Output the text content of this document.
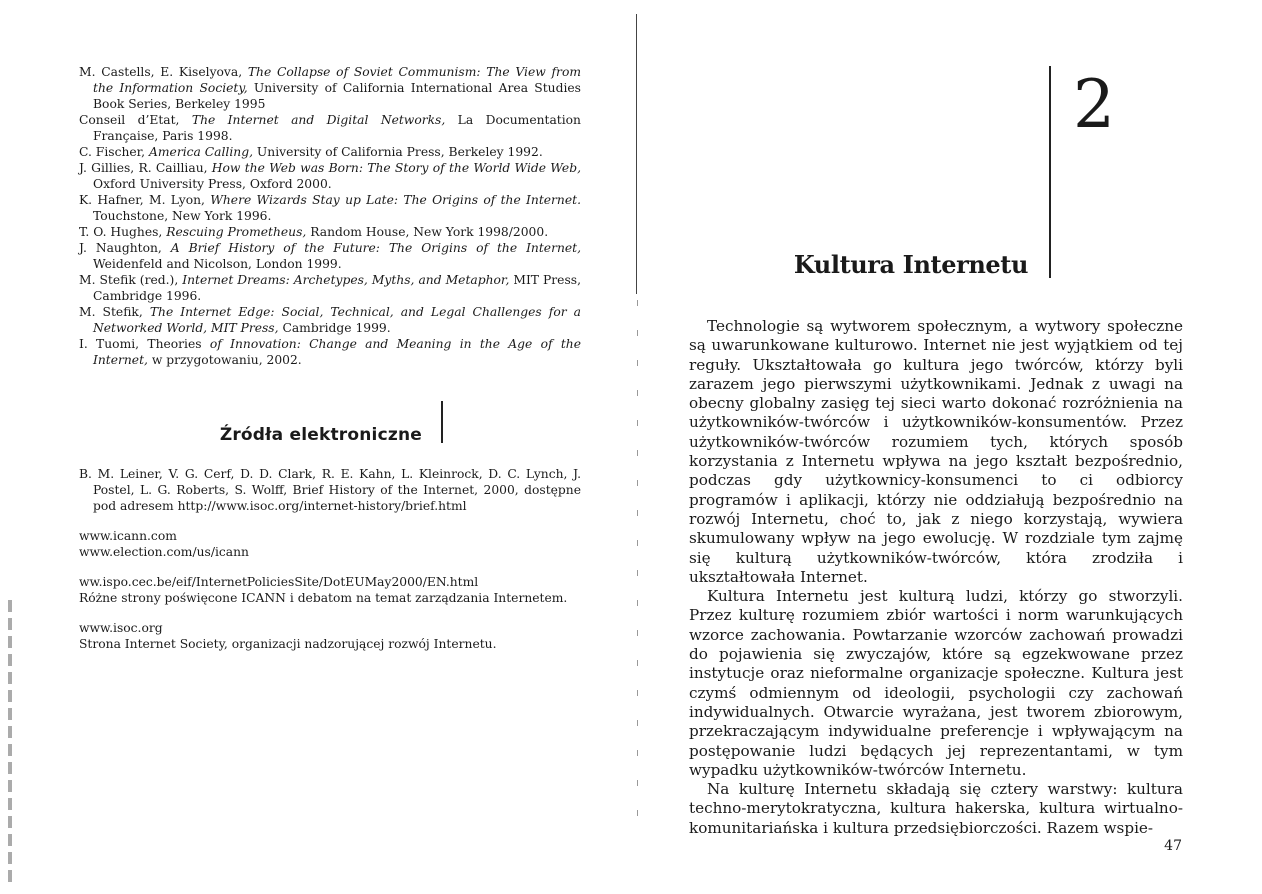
M. Castells, E. Kiselyova, The Collapse of Soviet Communism: The View from the Information Society, University of California International Area Studies Book Series, Berkeley 1995

Conseil d’Etat, The Internet and Digital Networks, La Documentation Française, Paris 1998.

C. Fischer, America Calling, University of California Press, Berkeley 1992.

J. Gillies, R. Cailliau, How the Web was Born: The Story of the World Wide Web, Oxford University Press, Oxford 2000.

K. Hafner, M. Lyon, Where Wizards Stay up Late: The Origins of the Internet. Touchstone, New York 1996.

T. O. Hughes, Rescuing Prometheus, Random House, New York 1998/2000.

J. Naughton, A Brief History of the Future: The Origins of the Internet, Weidenfeld and Nicolson, London 1999.

M. Stefik (red.), Internet Dreams: Archetypes, Myths, and Metaphor, MIT Press, Cambridge 1996.

M. Stefik, The Internet Edge: Social, Technical, and Legal Challenges for a Networked World, MIT Press, Cambridge 1999.

I. Tuomi, Theories of Innovation: Change and Meaning in the Age of the Internet, w przygotowaniu, 2002.

Źródła elektroniczne

B. M. Leiner, V. G. Cerf, D. D. Clark, R. E. Kahn, L. Kleinrock, D. C. Lynch, J. Postel, L. G. Roberts, S. Wolff, Brief History of the Internet, 2000, dostępne pod adresem http://www.isoc.org/internet-history/brief.html

www.icann.com

www.election.com/us/icann

ww.ispo.cec.be/eif/InternetPoliciesSite/DotEUMay2000/EN.html

Różne strony poświęcone ICANN i debatom na temat zarządzania Internetem.

www.isoc.org

Strona Internet Society, organizacji nadzorującej rozwój Internetu.

2
Kultura Internetu

Technologie są wytworem społecznym, a wytwory społeczne są uwarunkowane kulturowo. Internet nie jest wyjątkiem od tej reguły. Ukształtowała go kultura jego twórców, którzy byli zarazem jego pierwszymi użytkownikami. Jednak z uwagi na obecny globalny zasięg tej sieci warto dokonać rozróżnienia na użytkowników-twórców i użytkowników-konsumentów. Przez użytkowników-twórców rozumiem tych, których sposób korzystania z Internetu wpływa na jego kształt bezpośrednio, podczas gdy użytkownicy-konsumenci to ci odbiorcy programów i aplikacji, którzy nie oddziałują bezpośrednio na rozwój Internetu, choć to, jak z niego korzystają, wywiera skumulowany wpływ na jego ewolucję. W rozdziale tym zajmę się kulturą użytkowników-twórców, która zrodziła i ukształtowała Internet.

Kultura Internetu jest kulturą ludzi, którzy go stworzyli. Przez kulturę rozumiem zbiór wartości i norm warunkujących wzorce zachowania. Powtarzanie wzorców zachowań prowadzi do pojawienia się zwyczajów, które są egzekwowane przez instytucje oraz nieformalne organizacje społeczne. Kultura jest czymś odmiennym od ideologii, psychologii czy zachowań indywidualnych. Otwarcie wyrażana, jest tworem zbiorowym, przekraczającym indywidualne preferencje i wpływającym na postępowanie ludzi będących jej reprezentantami, w tym wypadku użytkowników-twórców Internetu.

Na kulturę Internetu składają się cztery warstwy: kultura techno-merytokratyczna, kultura hakerska, kultura wirtualno-komunitariańska i kultura przedsiębiorczości. Razem wspie-

47
